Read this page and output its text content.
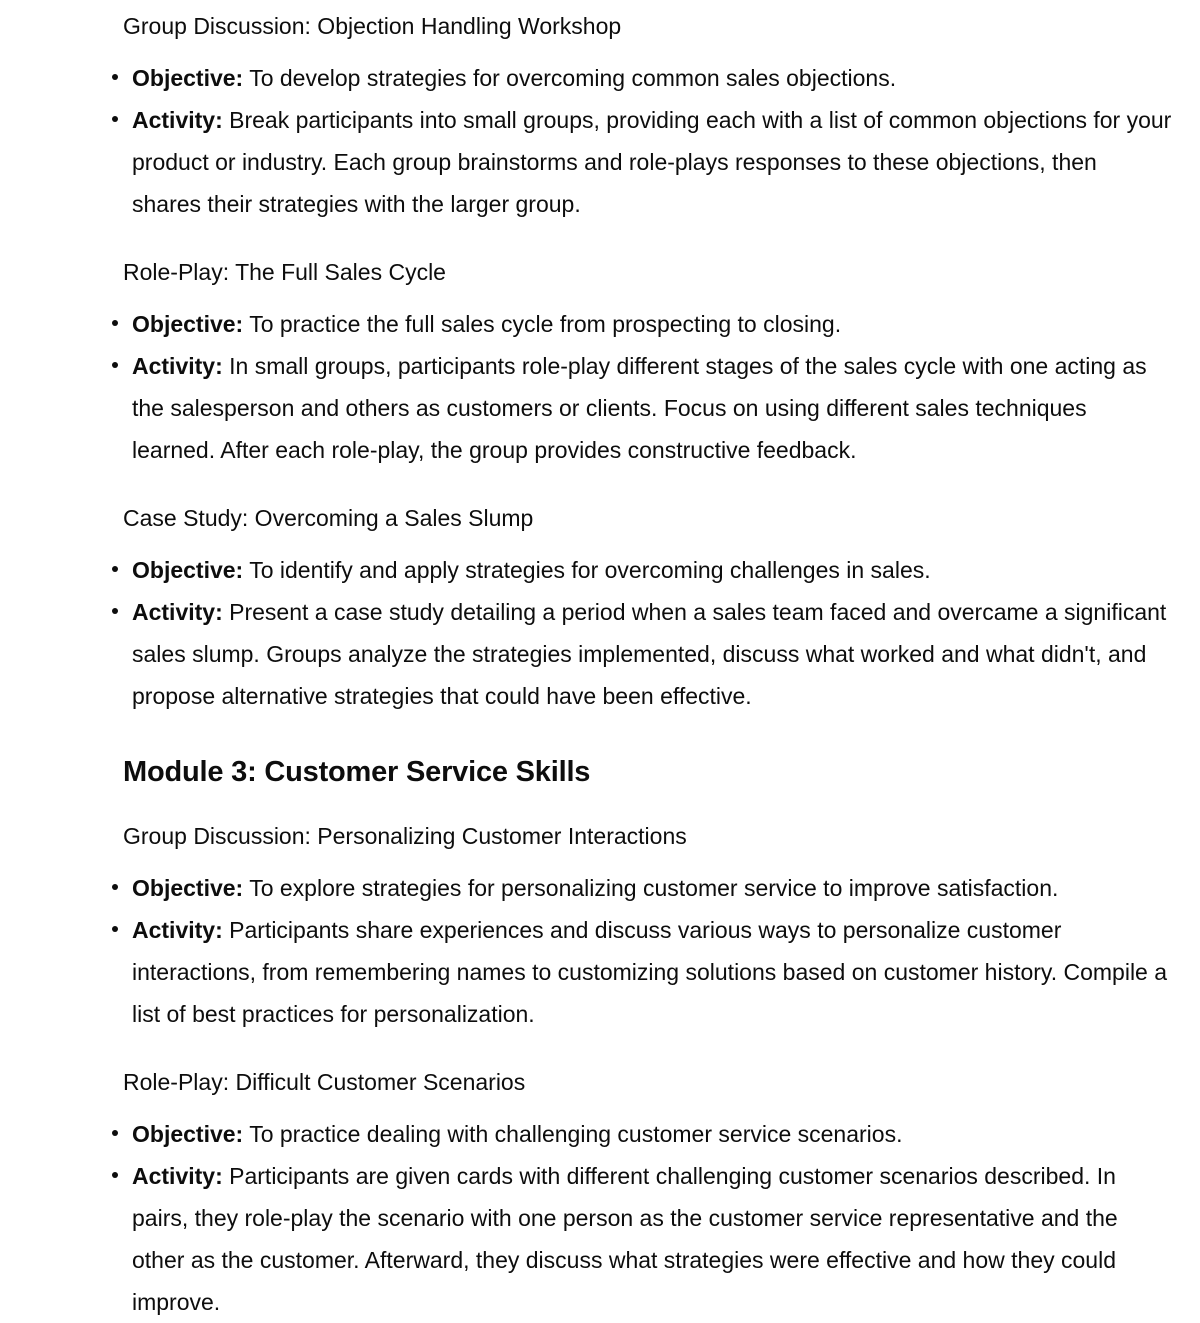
Group Discussion: Objection Handling Workshop
Objective: To develop strategies for overcoming common sales objections.
Activity: Break participants into small groups, providing each with a list of common objections for your product or industry. Each group brainstorms and role-plays responses to these objections, then shares their strategies with the larger group.
Role-Play: The Full Sales Cycle
Objective: To practice the full sales cycle from prospecting to closing.
Activity: In small groups, participants role-play different stages of the sales cycle with one acting as the salesperson and others as customers or clients. Focus on using different sales techniques learned. After each role-play, the group provides constructive feedback.
Case Study: Overcoming a Sales Slump
Objective: To identify and apply strategies for overcoming challenges in sales.
Activity: Present a case study detailing a period when a sales team faced and overcame a significant sales slump. Groups analyze the strategies implemented, discuss what worked and what didn't, and propose alternative strategies that could have been effective.
Module 3: Customer Service Skills
Group Discussion: Personalizing Customer Interactions
Objective: To explore strategies for personalizing customer service to improve satisfaction.
Activity: Participants share experiences and discuss various ways to personalize customer interactions, from remembering names to customizing solutions based on customer history. Compile a list of best practices for personalization.
Role-Play: Difficult Customer Scenarios
Objective: To practice dealing with challenging customer service scenarios.
Activity: Participants are given cards with different challenging customer scenarios described. In pairs, they role-play the scenario with one person as the customer service representative and the other as the customer. Afterward, they discuss what strategies were effective and how they could improve.
